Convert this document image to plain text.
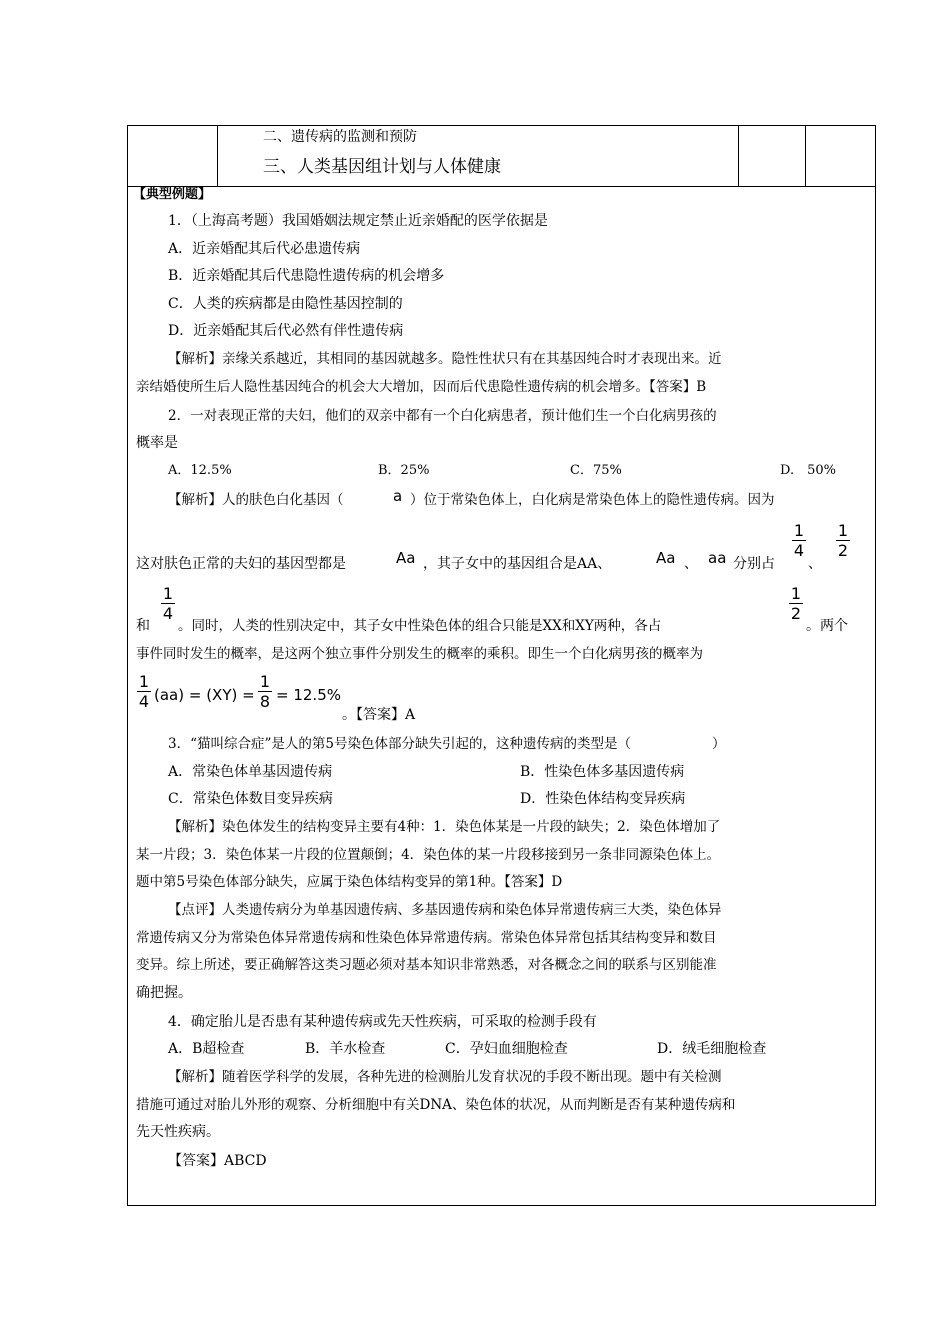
二、遗传病的监测和预防
三、人类基因组计划与人体健康
【典型例题】
1．（上海高考题）我国婚姻法规定禁止近亲婚配的医学依据是
A．近亲婚配其后代必患遗传病
B．近亲婚配其后代患隐性遗传病的机会增多
C．人类的疾病都是由隐性基因控制的
D．近亲婚配其后代必然有伴性遗传病
【解析】亲缘关系越近，其相同的基因就越多。隐性性状只有在其基因纯合时才表现出来。近
亲结婚使所生后人隐性基因纯合的机会大大增加，因而后代患隐性遗传病的机会增多。【答案】B
2．一对表现正常的夫妇，他们的双亲中都有一个白化病患者，预计他们生一个白化病男孩的
概率是
A．12.5%	B．25%	C．75%	D.　50%
【解析】人的肤色白化基因（	a ）位于常染色体上，白化病是常染色体上的隐性遗传病。因为
这对肤色正常的夫妇的基因型都是	Aa ，其子女中的基因组合是AA、	Aa 、 aa 分别占
1
4
、
1
2
和
1
4
。同时，人类的性别决定中，其子女中性染色体的组合只能是XX和XY两种，各占
1
2
。两个
事件同时发生的概率，是这两个独立事件分别发生的概率的乘积。即生一个白化病男孩的概率为
1
4 (aa) = (XY) =
1
8 = 12.5%
。【答案】A
3．“猫叫综合症”是人的第5号染色体部分缺失引起的，这种遗传病的类型是（　　　　　　）
A．常染色体单基因遗传病	B．性染色体多基因遗传病
C．常染色体数目变异疾病	D．性染色体结构变异疾病
【解析】染色体发生的结构变异主要有4种：1．染色体某是一片段的缺失；2．染色体增加了
某一片段；3．染色体某一片段的位置颠倒；4．染色体的某一片段移接到另一条非同源染色体上。
题中第5号染色体部分缺失，应属于染色体结构变异的第1种。【答案】D
【点评】人类遗传病分为单基因遗传病、多基因遗传病和染色体异常遗传病三大类，染色体异
常遗传病又分为常染色体异常遗传病和性染色体异常遗传病。常染色体异常包括其结构变异和数目
变异。综上所述，要正确解答这类习题必须对基本知识非常熟悉，对各概念之间的联系与区别能准
确把握。
4．确定胎儿是否患有某种遗传病或先天性疾病，可采取的检测手段有
A．B超检查	B．羊水检查	C．孕妇血细胞检查	D．绒毛细胞检查
【解析】随着医学科学的发展，各种先进的检测胎儿发育状况的手段不断出现。题中有关检测
措施可通过对胎儿外形的观察、分析细胞中有关DNA、染色体的状况，从而判断是否有某种遗传病和
先天性疾病。
【答案】ABCD
